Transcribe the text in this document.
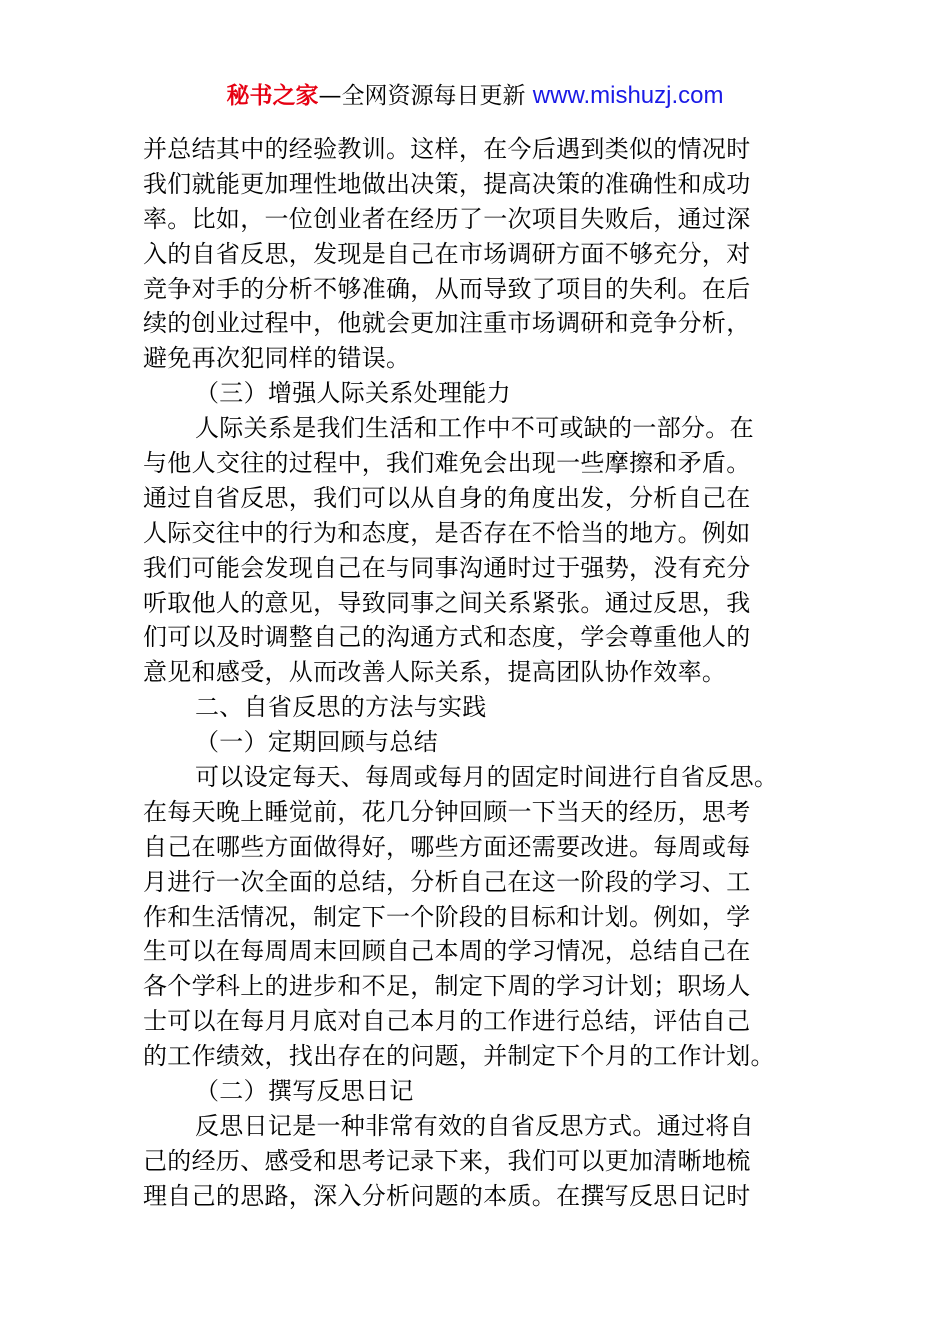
秘书之家—全网资源每日更新 www.mishuzj.com
并总结其中的经验教训。这样，在今后遇到类似的情况时
我们就能更加理性地做出决策，提高决策的准确性和成功
率。比如，一位创业者在经历了一次项目失败后，通过深
入的自省反思，发现是自己在市场调研方面不够充分，对
竞争对手的分析不够准确，从而导致了项目的失利。在后
续的创业过程中，他就会更加注重市场调研和竞争分析，
避免再次犯同样的错误。
（三）增强人际关系处理能力
人际关系是我们生活和工作中不可或缺的一部分。在
与他人交往的过程中，我们难免会出现一些摩擦和矛盾。
通过自省反思，我们可以从自身的角度出发，分析自己在
人际交往中的行为和态度，是否存在不恰当的地方。例如
我们可能会发现自己在与同事沟通时过于强势，没有充分
听取他人的意见，导致同事之间关系紧张。通过反思，我
们可以及时调整自己的沟通方式和态度，学会尊重他人的
意见和感受，从而改善人际关系，提高团队协作效率。
二、自省反思的方法与实践
（一）定期回顾与总结
可以设定每天、每周或每月的固定时间进行自省反思。
在每天晚上睡觉前，花几分钟回顾一下当天的经历，思考
自己在哪些方面做得好，哪些方面还需要改进。每周或每
月进行一次全面的总结，分析自己在这一阶段的学习、工
作和生活情况，制定下一个阶段的目标和计划。例如，学
生可以在每周周末回顾自己本周的学习情况，总结自己在
各个学科上的进步和不足，制定下周的学习计划；职场人
士可以在每月月底对自己本月的工作进行总结，评估自己
的工作绩效，找出存在的问题，并制定下个月的工作计划。
（二）撰写反思日记
反思日记是一种非常有效的自省反思方式。通过将自
己的经历、感受和思考记录下来，我们可以更加清晰地梳
理自己的思路，深入分析问题的本质。在撰写反思日记时
